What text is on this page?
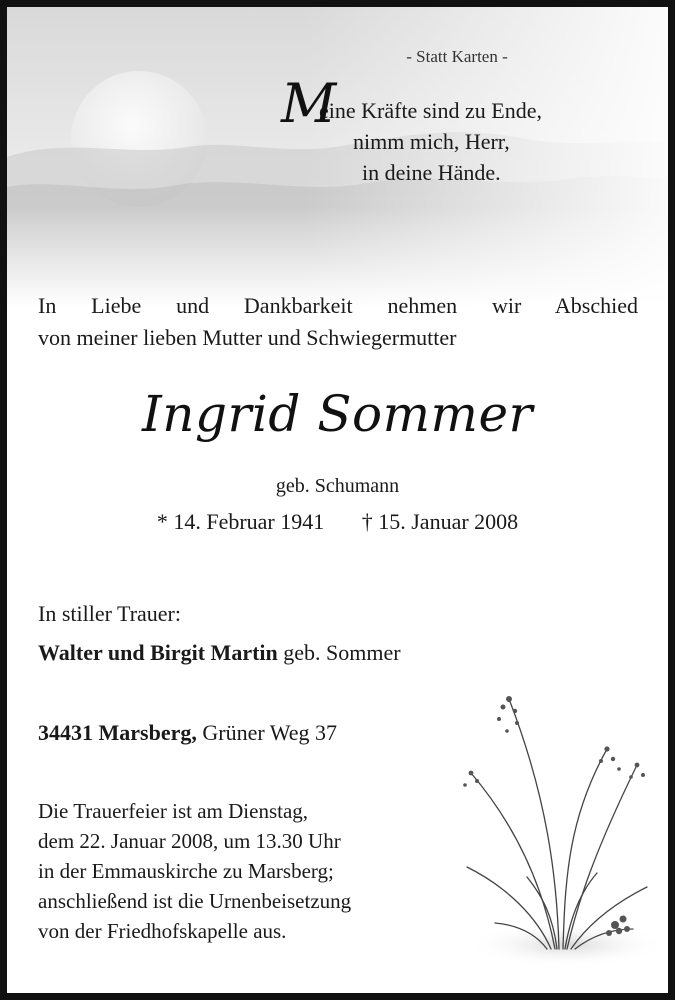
- Statt Karten -
M
eine Kräfte sind zu Ende,
nimm mich, Herr,
in deine Hände.
In Liebe und Dankbarkeit nehmen wir Abschied
von meiner lieben Mutter und Schwiegermutter
Ingrid Sommer
geb. Schumann
* 14. Februar 1941 † 15. Januar 2008
In stiller Trauer:
Walter und Birgit Martin geb. Sommer
34431 Marsberg, Grüner Weg 37
Die Trauerfeier ist am Dienstag,
dem 22. Januar 2008, um 13.30 Uhr
in der Emmauskirche zu Marsberg;
anschließend ist die Urnenbeisetzung
von der Friedhofskapelle aus.
